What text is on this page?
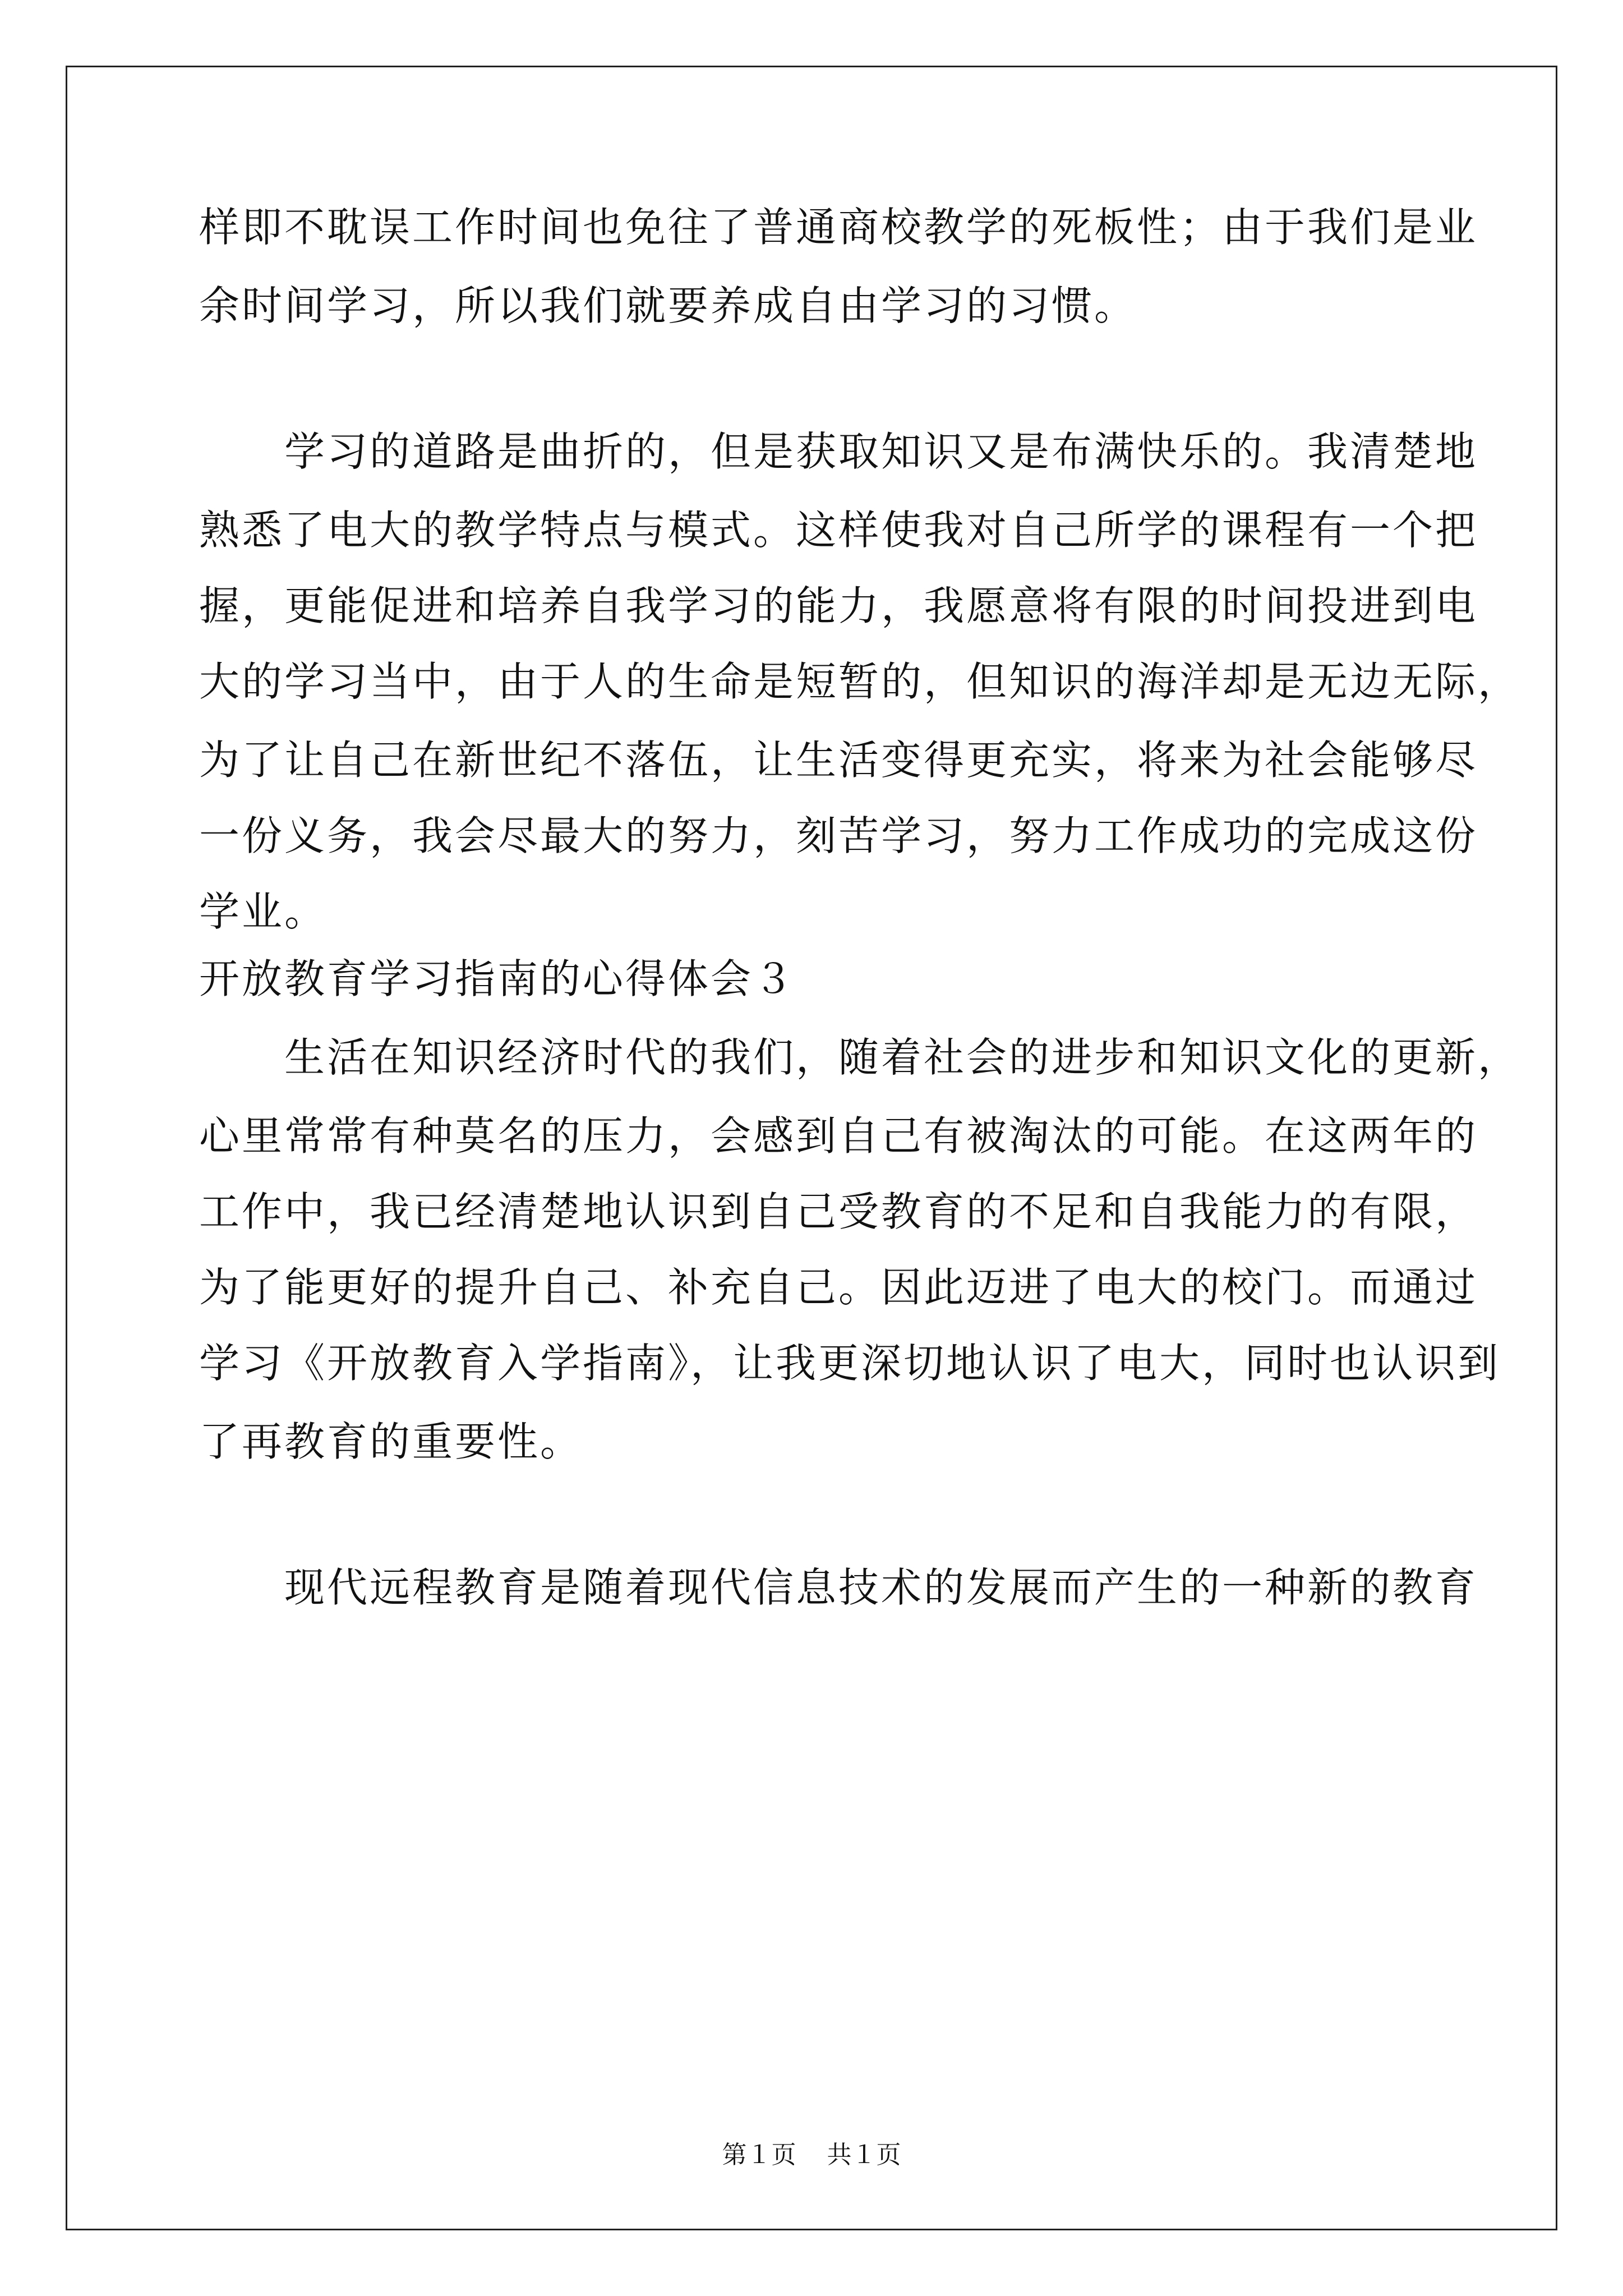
样即不耽误工作时间也免往了普通商校教学的死板性；由于我们是业
余时间学习，所以我们就要养成自由学习的习惯。
　　学习的道路是曲折的，但是获取知识又是布满快乐的。我清楚地
熟悉了电大的教学特点与模式。这样使我对自己所学的课程有一个把
握，更能促进和培养自我学习的能力，我愿意将有限的时间投进到电
大的学习当中，由于人的生命是短暂的，但知识的海洋却是无边无际，
为了让自己在新世纪不落伍，让生活变得更充实，将来为社会能够尽
一份义务，我会尽最大的努力，刻苦学习，努力工作成功的完成这份
学业。
开放教育学习指南的心得体会３
　　生活在知识经济时代的我们，随着社会的进步和知识文化的更新，
心里常常有种莫名的压力，会感到自己有被淘汰的可能。在这两年的
工作中，我已经清楚地认识到自己受教育的不足和自我能力的有限，
为了能更好的提升自己、补充自己。因此迈进了电大的校门。而通过
学习《开放教育入学指南》，让我更深切地认识了电大，同时也认识到
了再教育的重要性。
　　现代远程教育是随着现代信息技术的发展而产生的一种新的教育
第１页 共１页
